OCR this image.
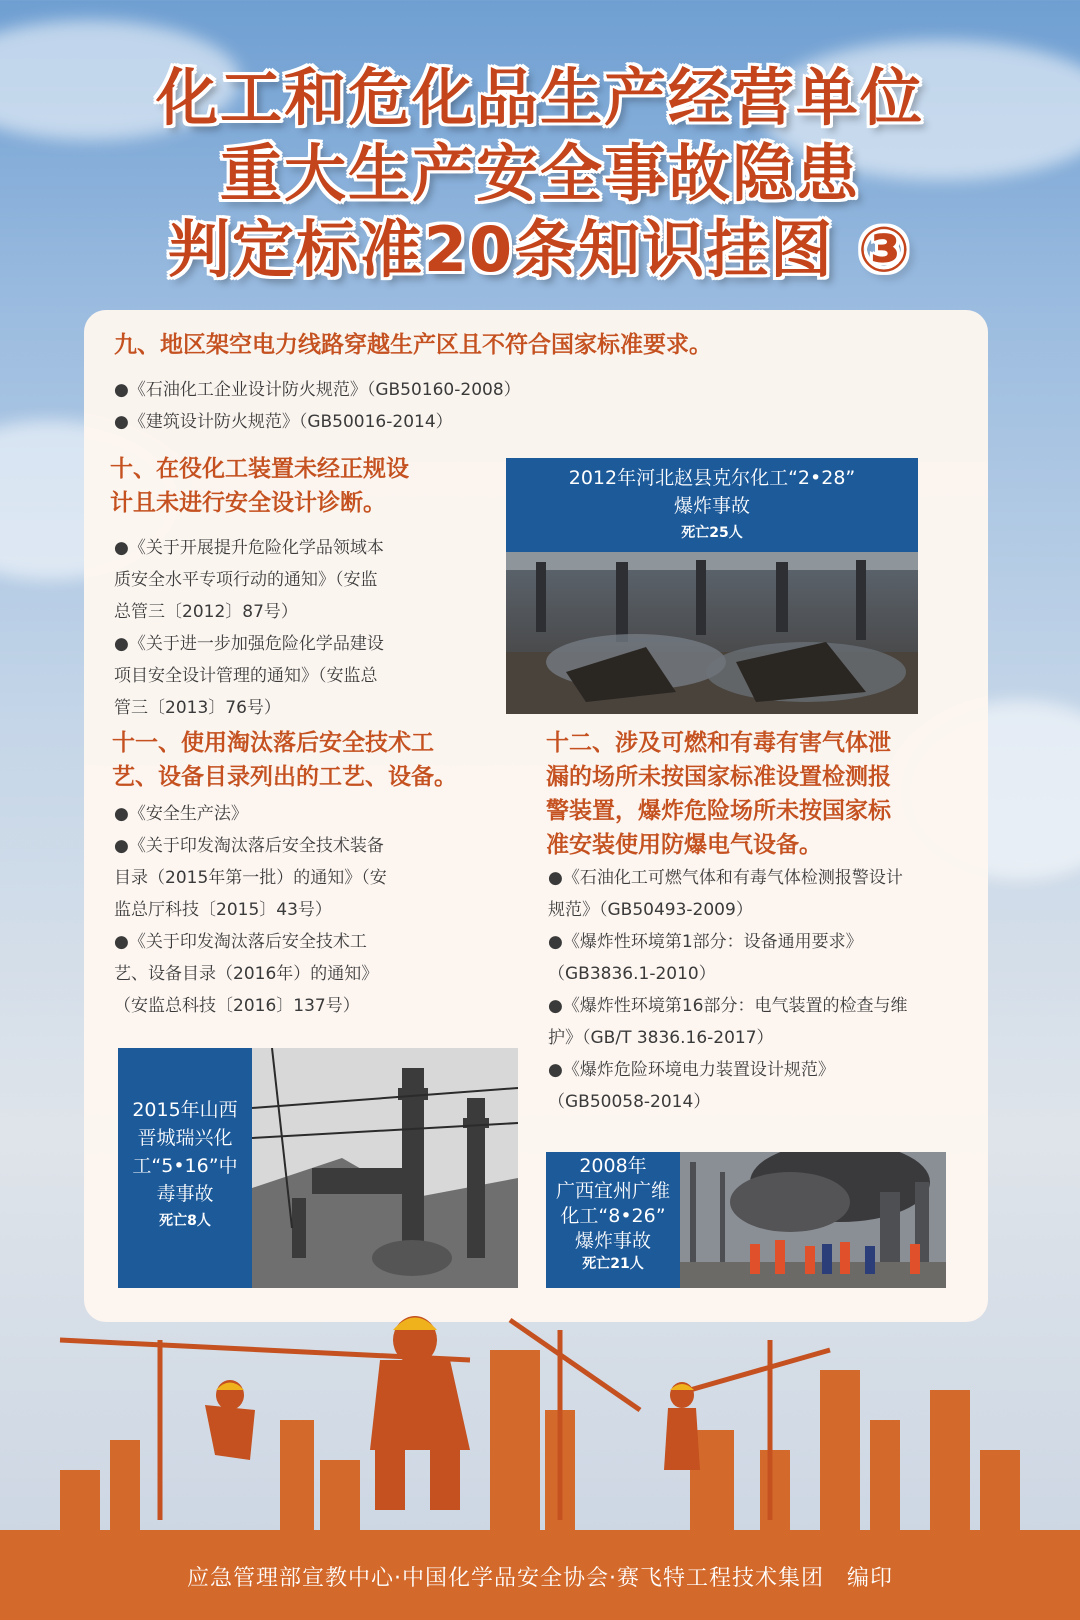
化工和危化品生产经营单位
重大生产安全事故隐患
判定标准20条知识挂图 ③
九、地区架空电力线路穿越生产区且不符合国家标准要求。

●《石油化工企业设计防火规范》（GB50160-2008）

●《建筑设计防火规范》（GB50016-2014）

十、在役化工装置未经正规设
计且未进行安全设计诊断。

●《关于开展提升危险化学品领域本

质安全水平专项行动的通知》（安监

总管三〔2012〕87号）

●《关于进一步加强危险化学品建设

项目安全设计管理的通知》（安监总

管三〔2013〕76号）

2012年河北赵县克尔化工“2•28”
爆炸事故
死亡25人
十一、使用淘汰落后安全技术工
艺、设备目录列出的工艺、设备。

●《安全生产法》

●《关于印发淘汰落后安全技术装备

目录（2015年第一批）的通知》（安

监总厅科技〔2015〕43号）

●《关于印发淘汰落后安全技术工

艺、设备目录（2016年）的通知》

（安监总科技〔2016〕137号）

2015年山西
晋城瑞兴化
工“5•16”中
毒事故
死亡8人
十二、涉及可燃和有毒有害气体泄
漏的场所未按国家标准设置检测报
警装置，爆炸危险场所未按国家标
准安装使用防爆电气设备。

●《石油化工可燃气体和有毒气体检测报警设计

规范》（GB50493-2009）

●《爆炸性环境第1部分：设备通用要求》

（GB3836.1-2010）

●《爆炸性环境第16部分：电气装置的检查与维

护》（GB/T 3836.16-2017）

●《爆炸危险环境电力装置设计规范》

（GB50058-2014）

2008年
广西宜州广维
化工“8•26”
爆炸事故
死亡21人
应急管理部宣教中心·中国化学品安全协会·赛飞特工程技术集团　编印
